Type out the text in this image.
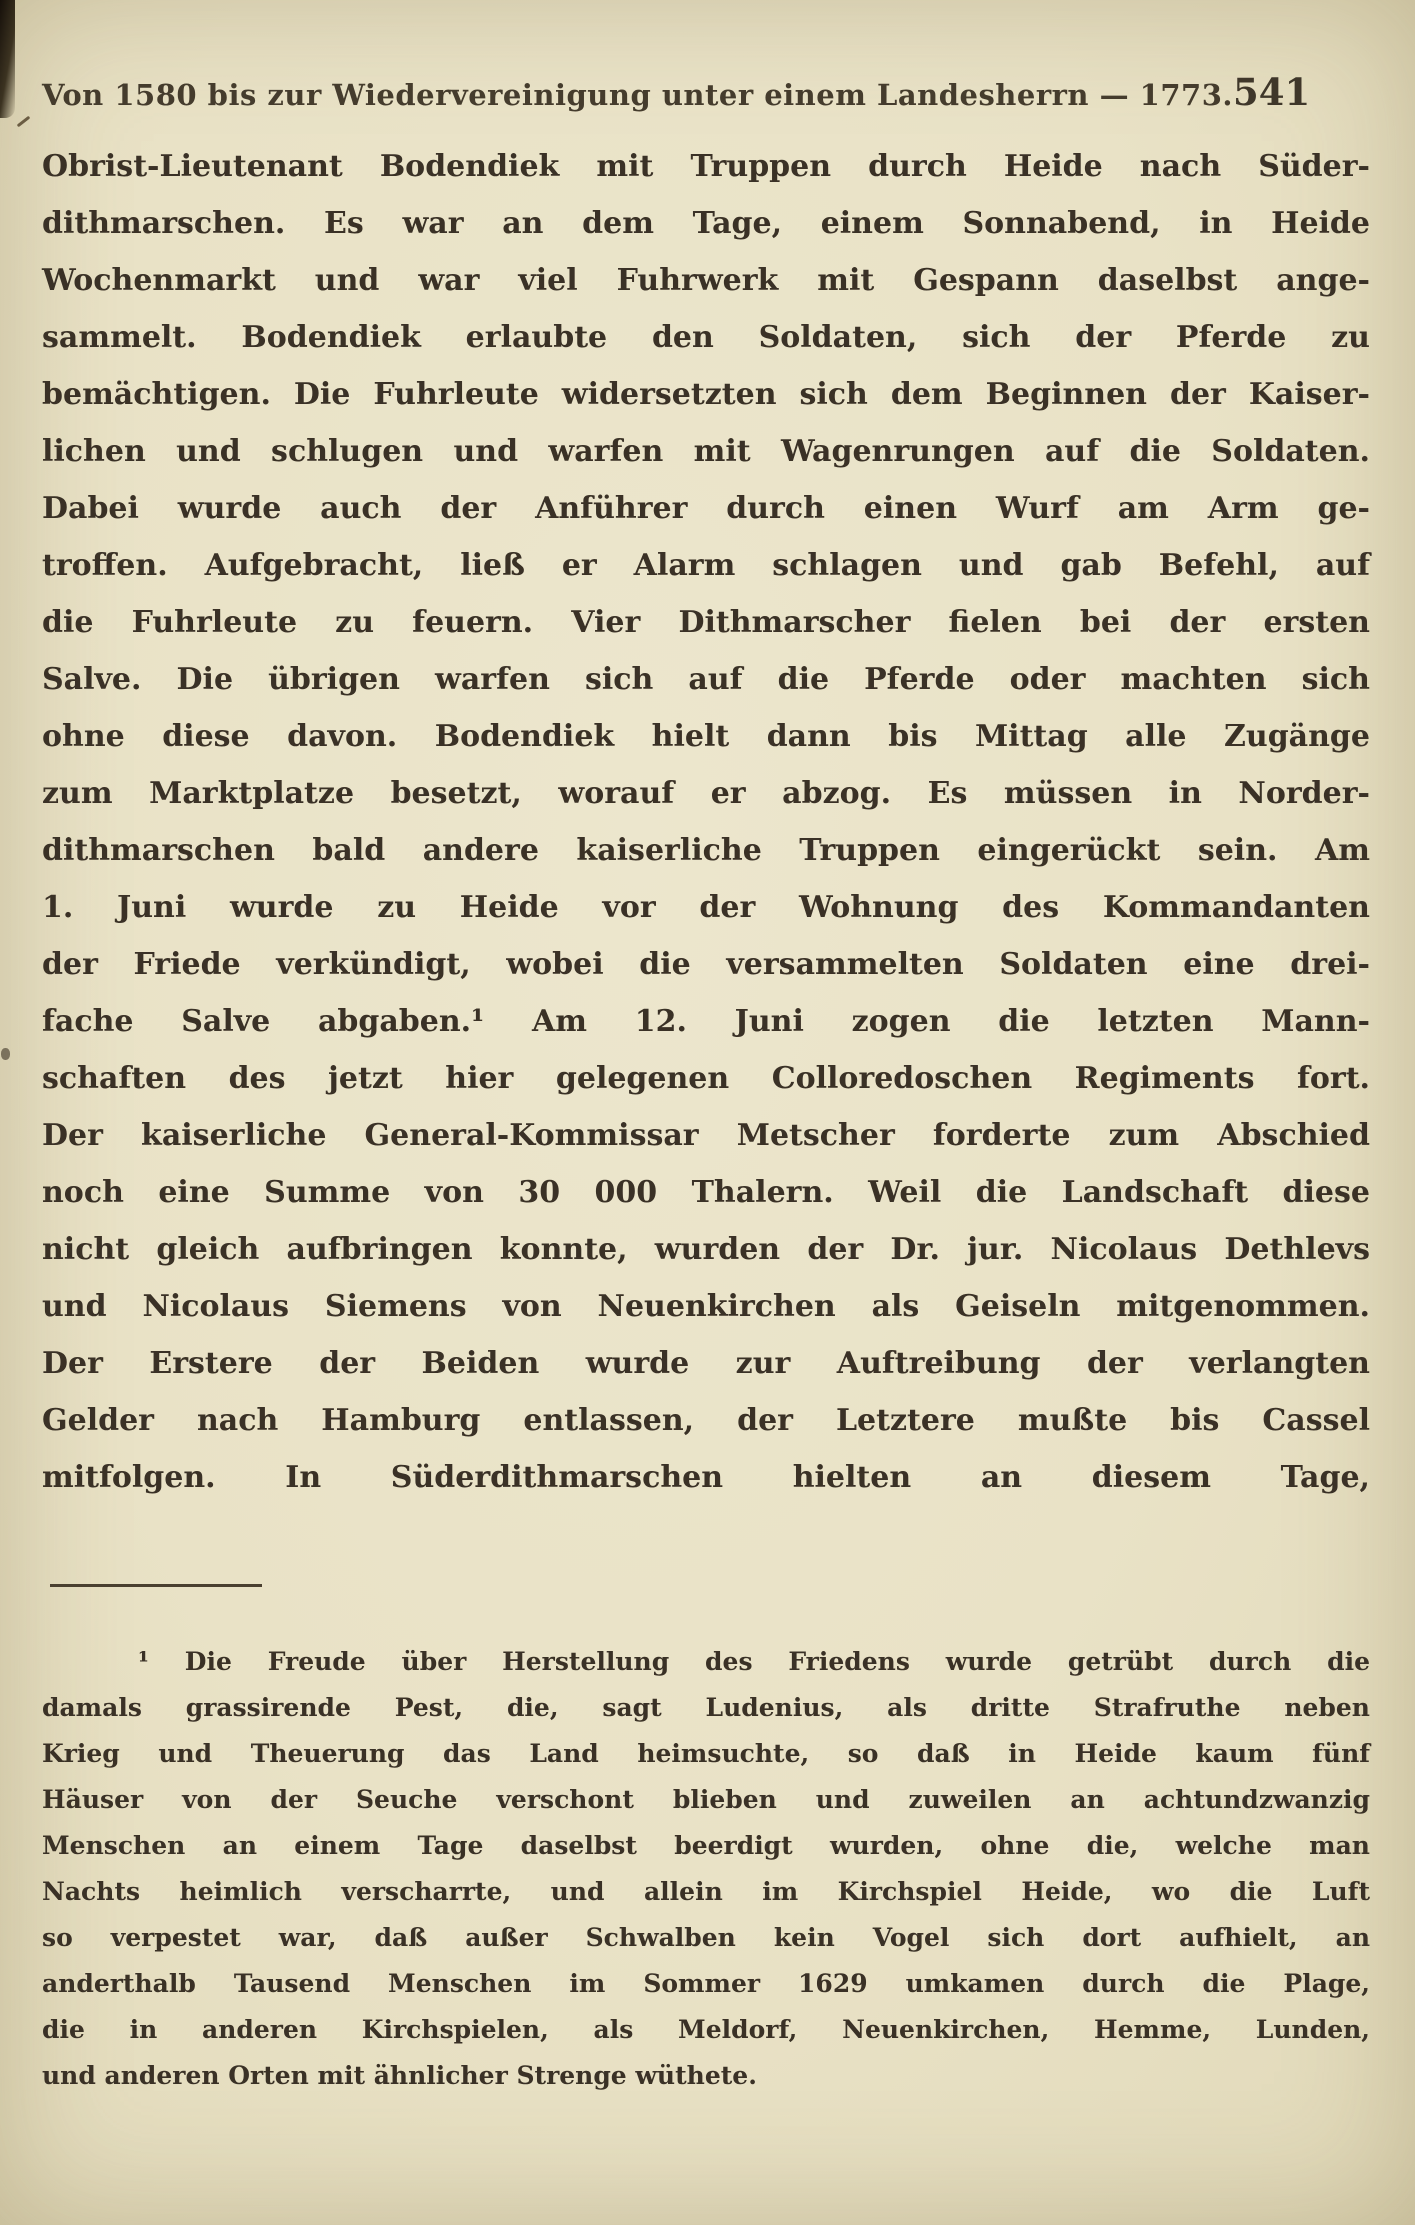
Von 1580 bis zur Wiedervereinigung unter einem Landesherrn — 1773. 541
Obrist-Lieutenant Bodendiek mit Truppen durch Heide nach Süder-
dithmarschen. Es war an dem Tage, einem Sonnabend, in Heide
Wochenmarkt und war viel Fuhrwerk mit Gespann daselbst ange-
sammelt. Bodendiek erlaubte den Soldaten, sich der Pferde zu
bemächtigen. Die Fuhrleute widersetzten sich dem Beginnen der Kaiser-
lichen und schlugen und warfen mit Wagenrungen auf die Soldaten.
Dabei wurde auch der Anführer durch einen Wurf am Arm ge-
troffen. Aufgebracht, ließ er Alarm schlagen und gab Befehl, auf
die Fuhrleute zu feuern. Vier Dithmarscher fielen bei der ersten
Salve. Die übrigen warfen sich auf die Pferde oder machten sich
ohne diese davon. Bodendiek hielt dann bis Mittag alle Zugänge
zum Marktplatze besetzt, worauf er abzog. Es müssen in Norder-
dithmarschen bald andere kaiserliche Truppen eingerückt sein. Am
1. Juni wurde zu Heide vor der Wohnung des Kommandanten
der Friede verkündigt, wobei die versammelten Soldaten eine drei-
fache Salve abgaben.¹ Am 12. Juni zogen die letzten Mann-
schaften des jetzt hier gelegenen Colloredoschen Regiments fort.
Der kaiserliche General-Kommissar Metscher forderte zum Abschied
noch eine Summe von 30 000 Thalern. Weil die Landschaft diese
nicht gleich aufbringen konnte, wurden der Dr. jur. Nicolaus Dethlevs
und Nicolaus Siemens von Neuenkirchen als Geiseln mitgenommen.
Der Erstere der Beiden wurde zur Auftreibung der verlangten
Gelder nach Hamburg entlassen, der Letztere mußte bis Cassel
mitfolgen. In Süderdithmarschen hielten an diesem Tage,
¹ Die Freude über Herstellung des Friedens wurde getrübt durch die
damals grassirende Pest, die, sagt Ludenius, als dritte Strafruthe neben
Krieg und Theuerung das Land heimsuchte, so daß in Heide kaum fünf
Häuser von der Seuche verschont blieben und zuweilen an achtundzwanzig
Menschen an einem Tage daselbst beerdigt wurden, ohne die, welche man
Nachts heimlich verscharrte, und allein im Kirchspiel Heide, wo die Luft
so verpestet war, daß außer Schwalben kein Vogel sich dort aufhielt, an
anderthalb Tausend Menschen im Sommer 1629 umkamen durch die Plage,
die in anderen Kirchspielen, als Meldorf, Neuenkirchen, Hemme, Lunden,
und anderen Orten mit ähnlicher Strenge wüthete.
